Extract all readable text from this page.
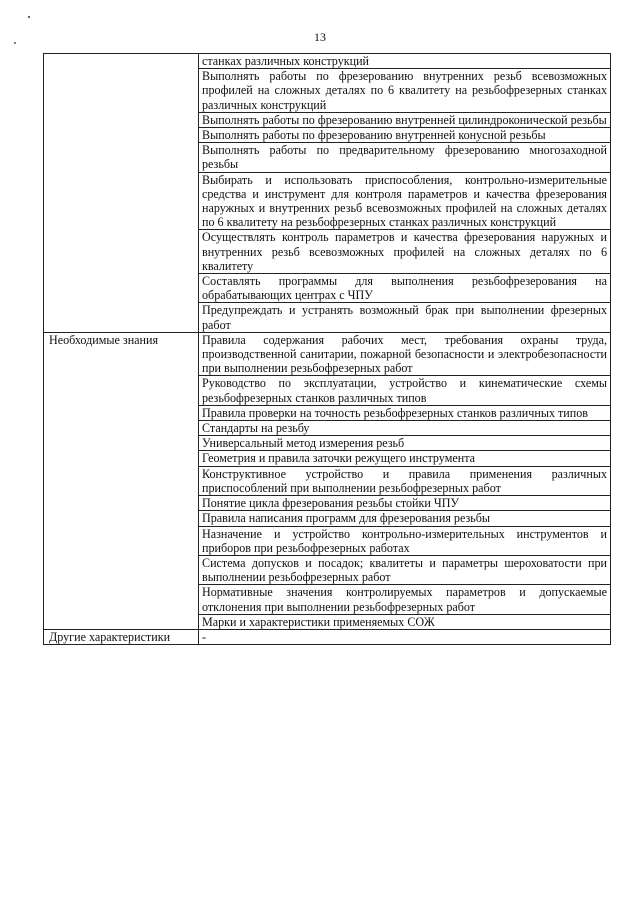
13
	станках различных конструкций
	Выполнять работы по фрезерованию внутренних резьб всевозможных профилей на сложных деталях по 6 квалитету на резьбофрезерных станках различных конструкций
	Выполнять работы по фрезерованию внутренней цилиндроконической резьбы
	Выполнять работы по фрезерованию внутренней конусной резьбы
	Выполнять работы по предварительному фрезерованию многозаходной резьбы
	Выбирать и использовать приспособления, контрольно-измерительные средства и инструмент для контроля параметров и качества фрезерования наружных и внутренних резьб всевозможных профилей на сложных деталях по 6 квалитету на резьбофрезерных станках различных конструкций
	Осуществлять контроль параметров и качества фрезерования наружных и внутренних резьб всевозможных профилей на сложных деталях по 6 квалитету
	Составлять программы для выполнения резьбофрезерования на обрабатывающих центрах с ЧПУ
	Предупреждать и устранять возможный брак при выполнении фрезерных работ
Необходимые знания	Правила содержания рабочих мест, требования охраны труда, производственной санитарии, пожарной безопасности и электробезопасности при выполнении резьбофрезерных работ
	Руководство по эксплуатации, устройство и кинематические схемы резьбофрезерных станков различных типов
	Правила проверки на точность резьбофрезерных станков различных типов
	Стандарты на резьбу
	Универсальный метод измерения резьб
	Геометрия и правила заточки режущего инструмента
	Конструктивное устройство и правила применения различных приспособлений при выполнении резьбофрезерных работ
	Понятие цикла фрезерования резьбы стойки ЧПУ
	Правила написания программ для фрезерования резьбы
	Назначение и устройство контрольно-измерительных инструментов и приборов при резьбофрезерных работах
	Система допусков и посадок; квалитеты и параметры шероховатости при выполнении резьбофрезерных работ
	Нормативные значения контролируемых параметров и допускаемые отклонения при выполнении резьбофрезерных работ
	Марки и характеристики применяемых СОЖ
Другие характеристики	-
